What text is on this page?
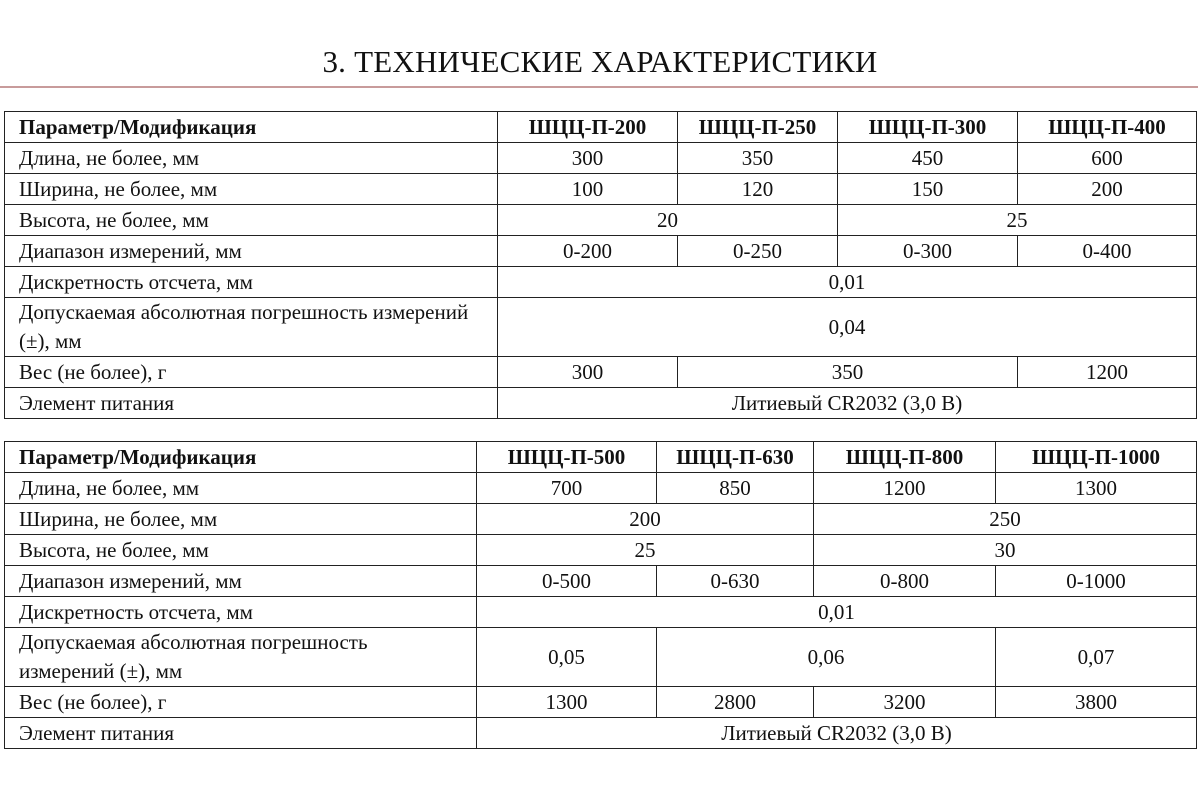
3. ТЕХНИЧЕСКИЕ ХАРАКТЕРИСТИКИ
Параметр/Модификация	ШЦЦ-П-200	ШЦЦ-П-250	ШЦЦ-П-300	ШЦЦ-П-400
Длина, не более, мм	300	350	450	600
Ширина, не более, мм	100	120	150	200
Высота, не более, мм	20		25	
Диапазон измерений, мм	0-200	0-250	0-300	0-400
Дискретность отсчета, мм	0,01			
Допускаемая абсолютная погрешность измерений (±), мм	0,04			
Вес (не более), г	300	350		1200
Элемент питания	Литиевый CR2032 (3,0 В)			
Параметр/Модификация	ШЦЦ-П-500	ШЦЦ-П-630	ШЦЦ-П-800	ШЦЦ-П-1000
Длина, не более, мм	700	850	1200	1300
Ширина, не более, мм	200		250	
Высота, не более, мм	25		30	
Диапазон измерений, мм	0-500	0-630	0-800	0-1000
Дискретность отсчета, мм	0,01			
Допускаемая абсолютная погрешность измерений (±), мм	0,05	0,06		0,07
Вес (не более), г	1300	2800	3200	3800
Элемент питания	Литиевый CR2032 (3,0 В)			
